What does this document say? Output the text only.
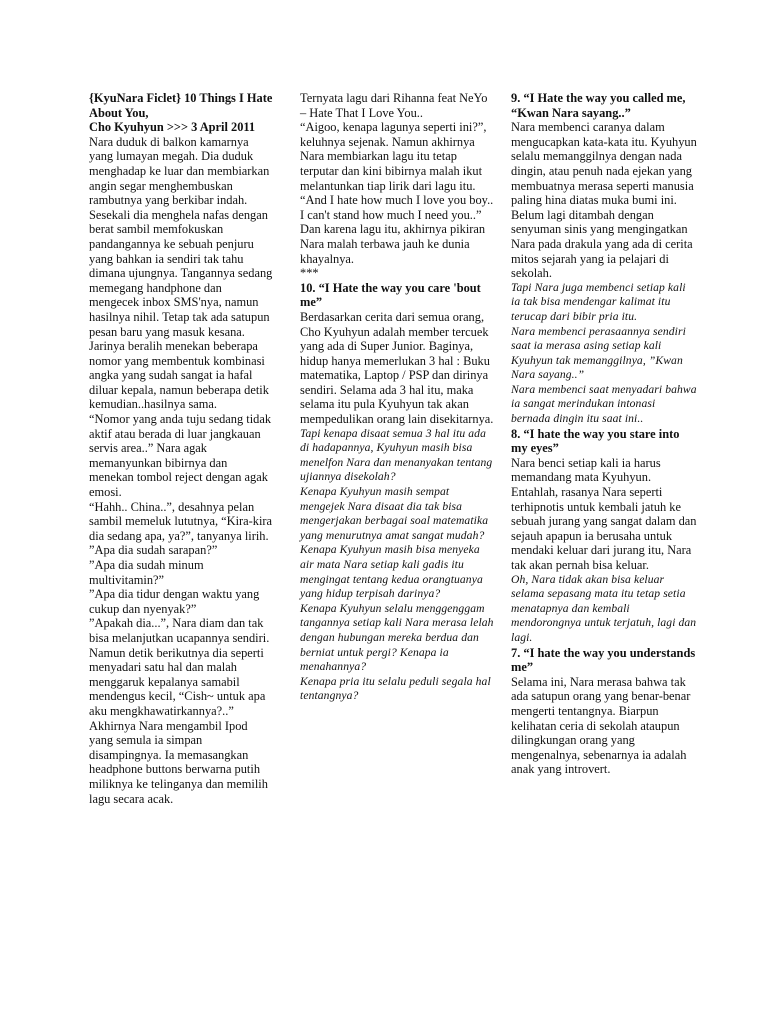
{KyuNara Ficlet} 10 Things I Hate About You,

Cho Kyuhyun >>> 3 April 2011

Nara duduk di balkon kamarnya yang lumayan megah. Dia duduk menghadap ke luar dan membiarkan angin segar menghembuskan rambutnya yang berkibar indah. Sesekali dia menghela nafas dengan berat sambil memfokuskan pandangannya ke sebuah penjuru yang bahkan ia sendiri tak tahu dimana ujungnya. Tangannya sedang memegang handphone dan mengecek inbox SMS'nya, namun hasilnya nihil. Tetap tak ada satupun pesan baru yang masuk kesana. Jarinya beralih menekan beberapa nomor yang membentuk kombinasi angka yang sudah sangat ia hafal diluar kepala, namun beberapa detik kemudian..hasilnya sama.

“Nomor yang anda tuju sedang tidak aktif atau berada di luar jangkauan servis area..” Nara agak memanyunkan bibirnya dan menekan tombol reject dengan agak emosi.

“Hahh.. China..”, desahnya pelan sambil memeluk lututnya, “Kira-kira dia sedang apa, ya?”, tanyanya lirih. ”Apa dia sudah sarapan?”

”Apa dia sudah minum multivitamin?”

”Apa dia tidur dengan waktu yang cukup dan nyenyak?”

”Apakah dia...”, Nara diam dan tak bisa melanjutkan ucapannya sendiri. Namun detik berikutnya dia seperti menyadari satu hal dan malah menggaruk kepalanya samabil mendengus kecil, “Cish~ untuk apa aku mengkhawatirkannya?..” Akhirnya Nara mengambil Ipod yang semula ia simpan disampingnya. Ia memasangkan headphone buttons berwarna putih miliknya ke telinganya dan memilih lagu secara acak.

Ternyata lagu dari Rihanna feat NeYo – Hate That I Love You..

“Aigoo, kenapa lagunya seperti ini?”, keluhnya sejenak. Namun akhirnya Nara membiarkan lagu itu tetap terputar dan kini bibirnya malah ikut melantunkan tiap lirik dari lagu itu.

“And I hate how much I love you boy..

I can't stand how much I need you..”

Dan karena lagu itu, akhirnya pikiran Nara malah terbawa jauh ke dunia khayalnya.

***

10. “I Hate the way you care 'bout me”

Berdasarkan cerita dari semua orang, Cho Kyuhyun adalah member tercuek yang ada di Super Junior. Baginya, hidup hanya memerlukan 3 hal : Buku matematika, Laptop / PSP dan dirinya sendiri. Selama ada 3 hal itu, maka selama itu pula Kyuhyun tak akan mempedulikan orang lain disekitarnya.

Tapi kenapa disaat semua 3 hal itu ada di hadapannya, Kyuhyun masih bisa menelfon Nara dan menanyakan tentang ujiannya disekolah?

Kenapa Kyuhyun masih sempat mengejek Nara disaat dia tak bisa mengerjakan berbagai soal matematika yang menurutnya amat sangat mudah?

Kenapa Kyuhyun masih bisa menyeka air mata Nara setiap kali gadis itu mengingat tentang kedua orangtuanya yang hidup terpisah darinya?

Kenapa Kyuhyun selalu menggenggam tangannya setiap kali Nara merasa lelah dengan hubungan mereka berdua dan berniat untuk pergi? Kenapa ia menahannya?

Kenapa pria itu selalu peduli segala hal tentangnya?

9. “I Hate the way you called me, “Kwan Nara sayang..”

Nara membenci caranya dalam mengucapkan kata-kata itu. Kyuhyun selalu memanggilnya dengan nada dingin, atau penuh nada ejekan yang membuatnya merasa seperti manusia paling hina diatas muka bumi ini. Belum lagi ditambah dengan senyuman sinis yang mengingatkan Nara pada drakula yang ada di cerita mitos sejarah yang ia pelajari di sekolah.

Tapi Nara juga membenci setiap kali ia tak bisa mendengar kalimat itu terucap dari bibir pria itu.

Nara membenci perasaannya sendiri saat ia merasa asing setiap kali Kyuhyun tak memanggilnya, ”Kwan Nara sayang..”

Nara membenci saat menyadari bahwa ia sangat merindukan intonasi bernada dingin itu saat ini..

8. “I hate the way you stare into my eyes”

Nara benci setiap kali ia harus memandang mata Kyuhyun. Entahlah, rasanya Nara seperti terhipnotis untuk kembali jatuh ke sebuah jurang yang sangat dalam dan sejauh apapun ia berusaha untuk mendaki keluar dari jurang itu, Nara tak akan pernah bisa keluar.

Oh, Nara tidak akan bisa keluar selama sepasang mata itu tetap setia menatapnya dan kembali mendorongnya untuk terjatuh, lagi dan lagi.

7. “I hate the way you understands me”

Selama ini, Nara merasa bahwa tak ada satupun orang yang benar-benar mengerti tentangnya. Biarpun kelihatan ceria di sekolah ataupun dilingkungan orang yang mengenalnya, sebenarnya ia adalah anak yang introvert.
